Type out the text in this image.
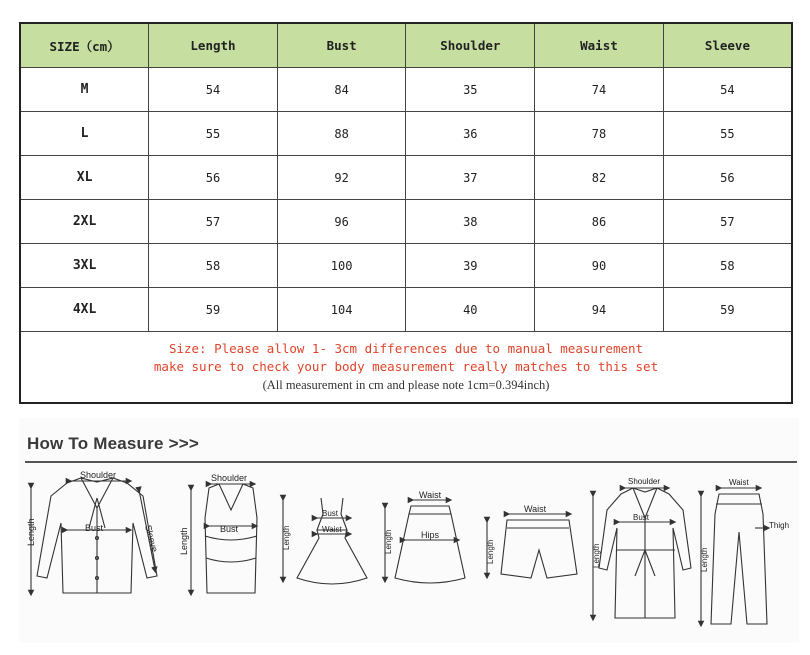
SIZE（cm）	Length	Bust	Shoulder	Waist	Sleeve
M	54	84	35	74	54
L	55	88	36	78	55
XL	56	92	37	82	56
2XL	57	96	38	86	57
3XL	58	100	39	90	58
4XL	59	104	40	94	59

Size: Please allow 1- 3cm differences due to manual measurement
make sure to check your body measurement really matches to this set
(All measurement in cm and please note 1cm=0.394inch)					
How To Measure >>>
Shoulder
Bust
Length	Sleeve
Shoulder
Bust
Length
Bust
Waist
Length
Waist
Hips
Length
Waist
Length
Shoulder
Bust
Length
Waist
Thigh
Length
